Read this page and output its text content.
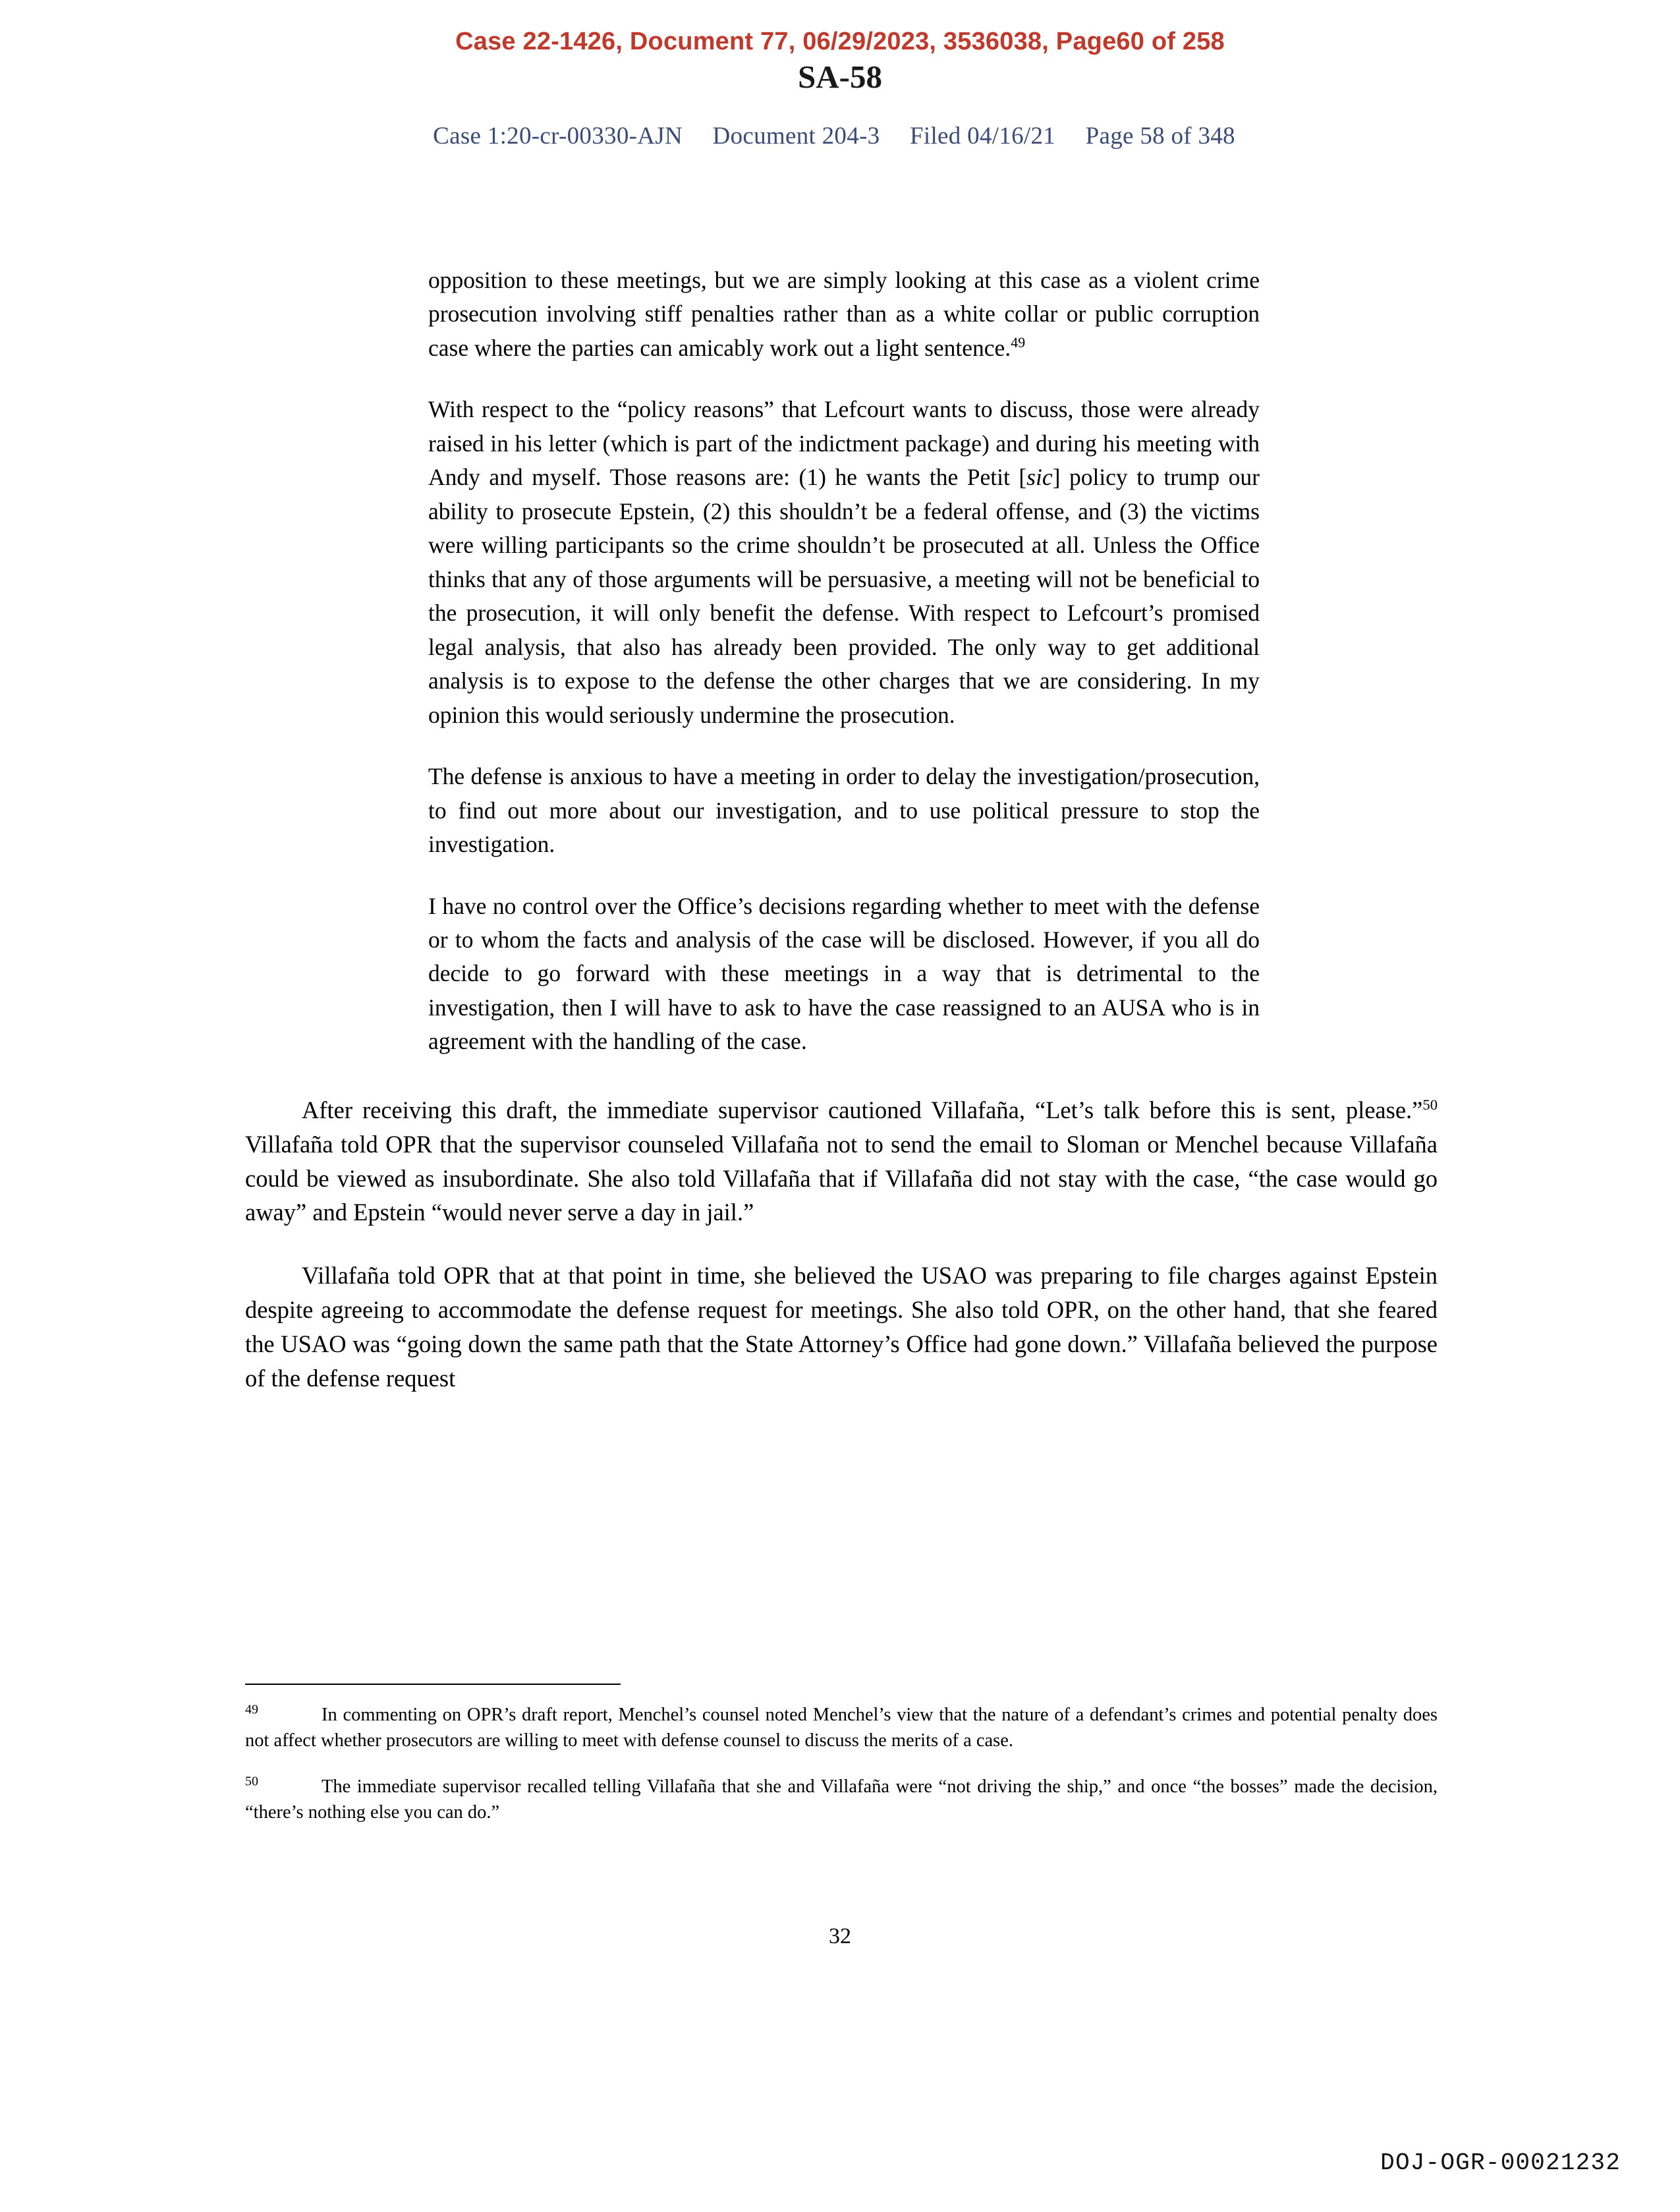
Case 22-1426, Document 77, 06/29/2023, 3536038, Page60 of 258
SA-58
Case 1:20-cr-00330-AJN Document 204-3 Filed 04/16/21 Page 58 of 348

opposition to these meetings, but we are simply looking at this case as a violent crime prosecution involving stiff penalties rather than as a white collar or public corruption case where the parties can amicably work out a light sentence.$^{49}$

With respect to the “policy reasons” that Lefcourt wants to discuss, those were already raised in his letter (which is part of the indictment package) and during his meeting with Andy and myself. Those reasons are: (1) he wants the Petit [sic] policy to trump our ability to prosecute Epstein, (2) this shouldn’t be a federal offense, and (3) the victims were willing participants so the crime shouldn’t be prosecuted at all. Unless the Office thinks that any of those arguments will be persuasive, a meeting will not be beneficial to the prosecution, it will only benefit the defense. With respect to Lefcourt’s promised legal analysis, that also has already been provided. The only way to get additional analysis is to expose to the defense the other charges that we are considering. In my opinion this would seriously undermine the prosecution.

The defense is anxious to have a meeting in order to delay the investigation/prosecution, to find out more about our investigation, and to use political pressure to stop the investigation.

I have no control over the Office’s decisions regarding whether to meet with the defense or to whom the facts and analysis of the case will be disclosed. However, if you all do decide to go forward with these meetings in a way that is detrimental to the investigation, then I will have to ask to have the case reassigned to an AUSA who is in agreement with the handling of the case.

After receiving this draft, the immediate supervisor cautioned Villafaña, “Let’s talk before this is sent, please.”$^{50}$ Villafaña told OPR that the supervisor counseled Villafaña not to send the email to Sloman or Menchel because Villafaña could be viewed as insubordinate. She also told Villafaña that if Villafaña did not stay with the case, “the case would go away” and Epstein “would never serve a day in jail.”

Villafaña told OPR that at that point in time, she believed the USAO was preparing to file charges against Epstein despite agreeing to accommodate the defense request for meetings. She also told OPR, on the other hand, that she feared the USAO was “going down the same path that the State Attorney’s Office had gone down.” Villafaña believed the purpose of the defense request

$^{49}$	In commenting on OPR’s draft report, Menchel’s counsel noted Menchel’s view that the nature of a defendant’s crimes and potential penalty does not affect whether prosecutors are willing to meet with defense counsel to discuss the merits of a case.
$^{50}$	The immediate supervisor recalled telling Villafaña that she and Villafaña were “not driving the ship,” and once “the bosses” made the decision, “there’s nothing else you can do.”
32
DOJ-OGR-00021232
